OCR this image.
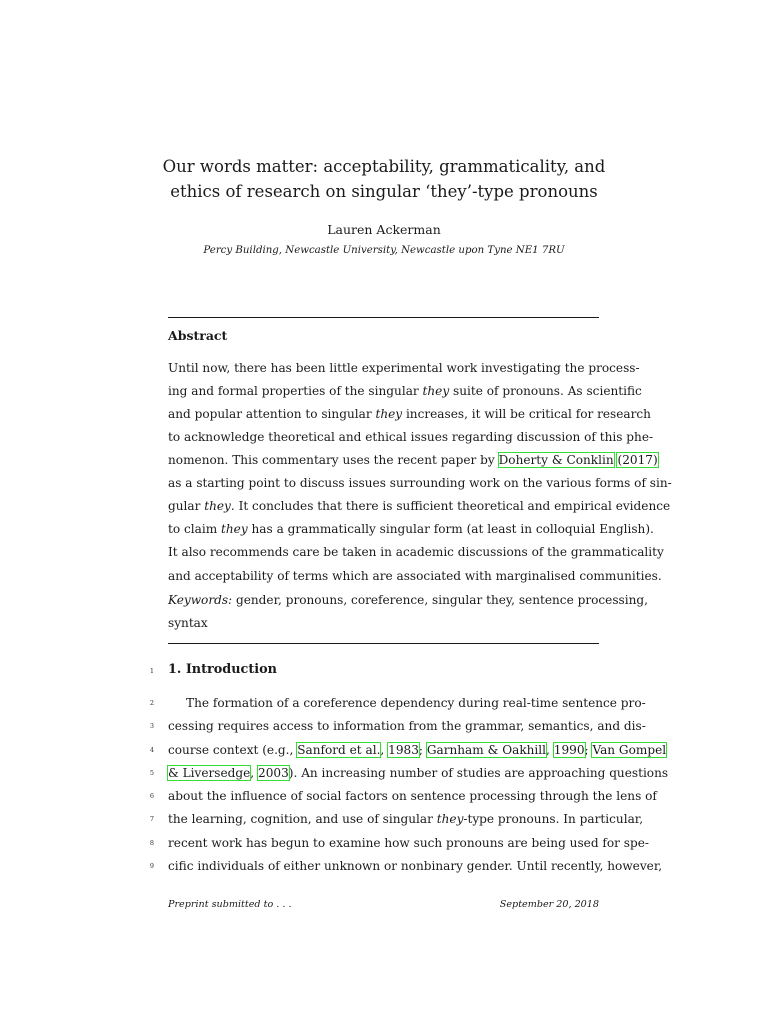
Our words matter: acceptability, grammaticality, and
ethics of research on singular ‘they’-type pronouns
Lauren Ackerman
Percy Building, Newcastle University, Newcastle upon Tyne NE1 7RU
Abstract
Until now, there has been little experimental work investigating the process-
ing and formal properties of the singular they suite of pronouns. As scientific
and popular attention to singular they increases, it will be critical for research
to acknowledge theoretical and ethical issues regarding discussion of this phe-
nomenon. This commentary uses the recent paper by Doherty & Conklin (2017)
as a starting point to discuss issues surrounding work on the various forms of sin-
gular they. It concludes that there is sufficient theoretical and empirical evidence
to claim they has a grammatically singular form (at least in colloquial English).
It also recommends care be taken in academic discussions of the grammaticality
and acceptability of terms which are associated with marginalised communities.
Keywords: gender, pronouns, coreference, singular they, sentence processing,
syntax
1
2
3
4
5
6
7
8
9
1. Introduction
The formation of a coreference dependency during real-time sentence pro-
cessing requires access to information from the grammar, semantics, and dis-
course context (e.g., Sanford et al., 1983; Garnham & Oakhill, 1990; Van Gompel
& Liversedge, 2003). An increasing number of studies are approaching questions
about the influence of social factors on sentence processing through the lens of
the learning, cognition, and use of singular they-type pronouns. In particular,
recent work has begun to examine how such pronouns are being used for spe-
cific individuals of either unknown or nonbinary gender. Until recently, however,
Preprint submitted to . . .	September 20, 2018
